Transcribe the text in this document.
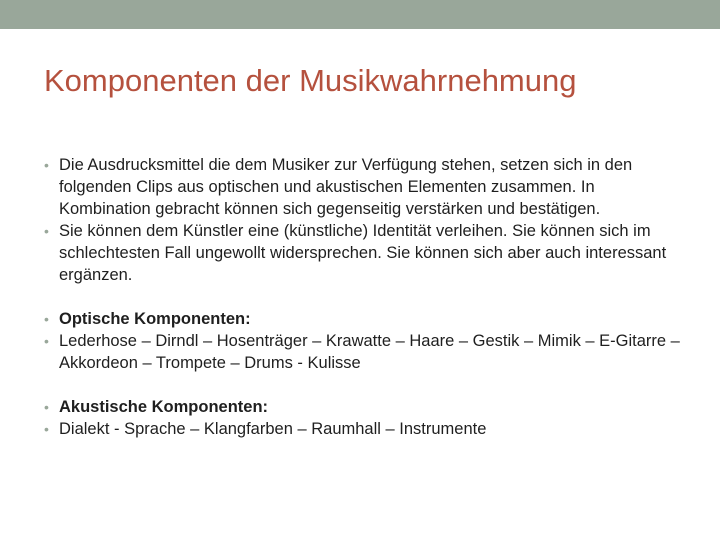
Komponenten der Musikwahrnehmung
• Die Ausdrucksmittel die dem Musiker zur Verfügung stehen, setzen sich in den folgenden Clips aus optischen und akustischen Elementen zusammen. In Kombination gebracht können sich gegenseitig verstärken und bestätigen.
• Sie können dem Künstler eine (künstliche) Identität verleihen. Sie können sich im schlechtesten Fall ungewollt widersprechen. Sie können sich aber auch interessant ergänzen.
• Optische Komponenten:
• Lederhose – Dirndl – Hosenträger – Krawatte – Haare – Gestik – Mimik – E-Gitarre – Akkordeon – Trompete – Drums - Kulisse
• Akustische Komponenten:
• Dialekt - Sprache – Klangfarben – Raumhall – Instrumente
